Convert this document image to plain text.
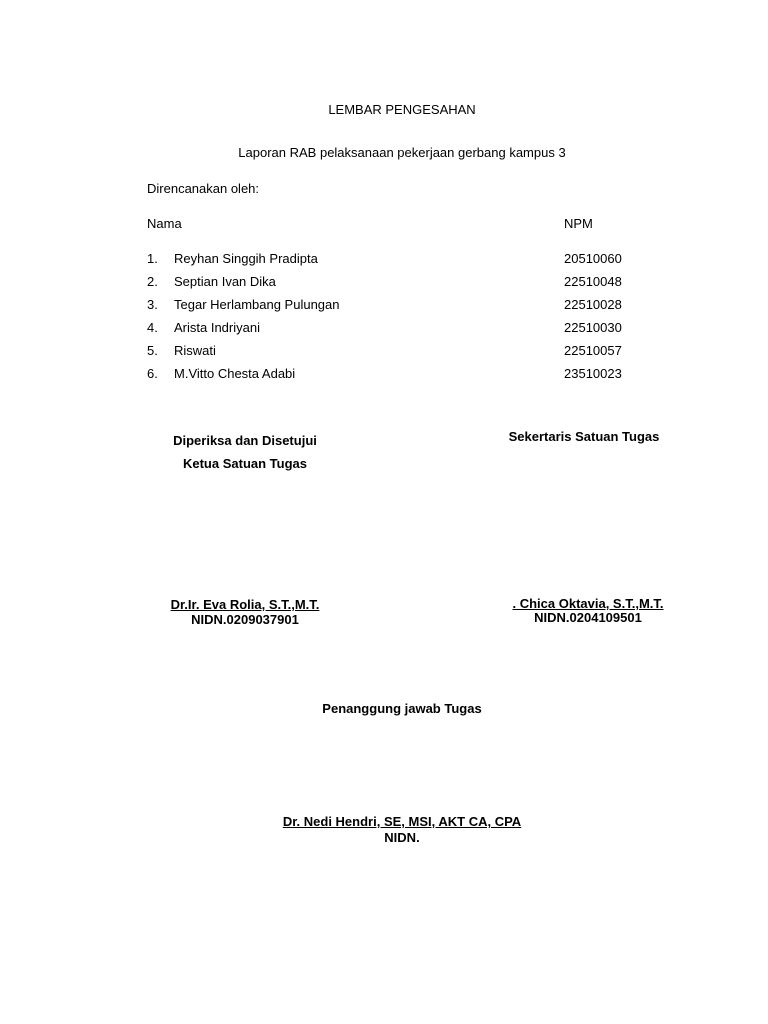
LEMBAR PENGESAHAN
Laporan RAB pelaksanaan pekerjaan gerbang kampus 3
Direncanakan oleh:
Nama	NPM
1. Reyhan Singgih Pradipta	20510060
2. Septian Ivan Dika	22510048
3. Tegar Herlambang Pulungan	22510028
4. Arista Indriyani	22510030
5. Riswati	22510057
6. M.Vitto Chesta Adabi	23510023
Diperiksa dan Disetujui
Ketua Satuan Tugas
Sekertaris Satuan Tugas
Dr.Ir. Eva Rolia, S.T.,M.T.
NIDN.0209037901
. Chica Oktavia, S.T.,M.T.
NIDN.0204109501
Penanggung jawab Tugas
Dr. Nedi Hendri, SE, MSI, AKT CA, CPA
NIDN.
